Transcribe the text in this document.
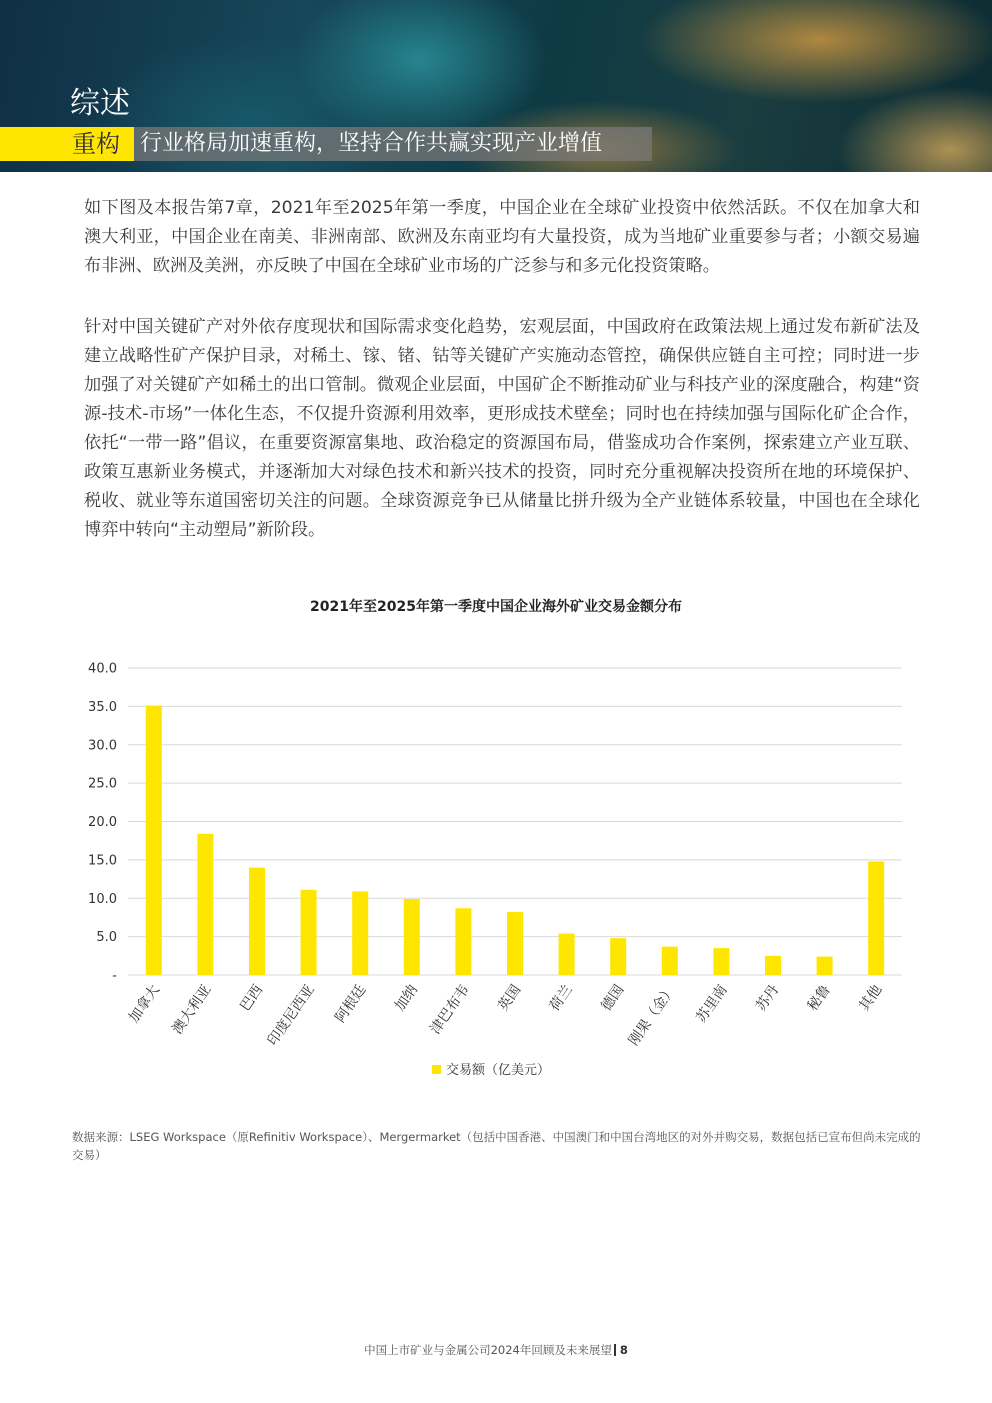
综述
重构 行业格局加速重构，坚持合作共赢实现产业增值

如下图及本报告第7章，2021年至2025年第一季度，中国企业在全球矿业投资中依然活跃。不仅在加拿大和澳大利亚，中国企业在南美、非洲南部、欧洲及东南亚均有大量投资，成为当地矿业重要参与者；小额交易遍布非洲、欧洲及美洲，亦反映了中国在全球矿业市场的广泛参与和多元化投资策略。

针对中国关键矿产对外依存度现状和国际需求变化趋势，宏观层面，中国政府在政策法规上通过发布新矿法及建立战略性矿产保护目录，对稀土、镓、锗、钴等关键矿产实施动态管控，确保供应链自主可控；同时进一步加强了对关键矿产如稀土的出口管制。微观企业层面，中国矿企不断推动矿业与科技产业的深度融合，构建“资源-技术-市场”一体化生态，不仅提升资源利用效率，更形成技术壁垒；同时也在持续加强与国际化矿企合作，依托“一带一路”倡议，在重要资源富集地、政治稳定的资源国布局，借鉴成功合作案例，探索建立产业互联、政策互惠新业务模式，并逐渐加大对绿色技术和新兴技术的投资，同时充分重视解决投资所在地的环境保护、税收、就业等东道国密切关注的问题。全球资源竞争已从储量比拼升级为全产业链体系较量，中国也在全球化博弈中转向“主动塑局”新阶段。

2021年至2025年第一季度中国企业海外矿业交易金额分布
-
5.0
10.0
15.0
20.0
25.0
30.0
35.0
40.0
加拿大 澳大利亚 巴西
印度尼西亚 阿根廷 加纳 津巴布韦 英国 荷兰 德国
刚果（金） 苏里南 苏丹 秘鲁 其他
交易额（亿美元）

数据来源：LSEG Workspace（原Refinitiv Workspace）、Mergermarket（包括中国香港、中国澳门和中国台湾地区的对外并购交易，数据包括已宣布但尚未完成的交易）

中国上市矿业与金属公司2024年回顾及未来展望 8
